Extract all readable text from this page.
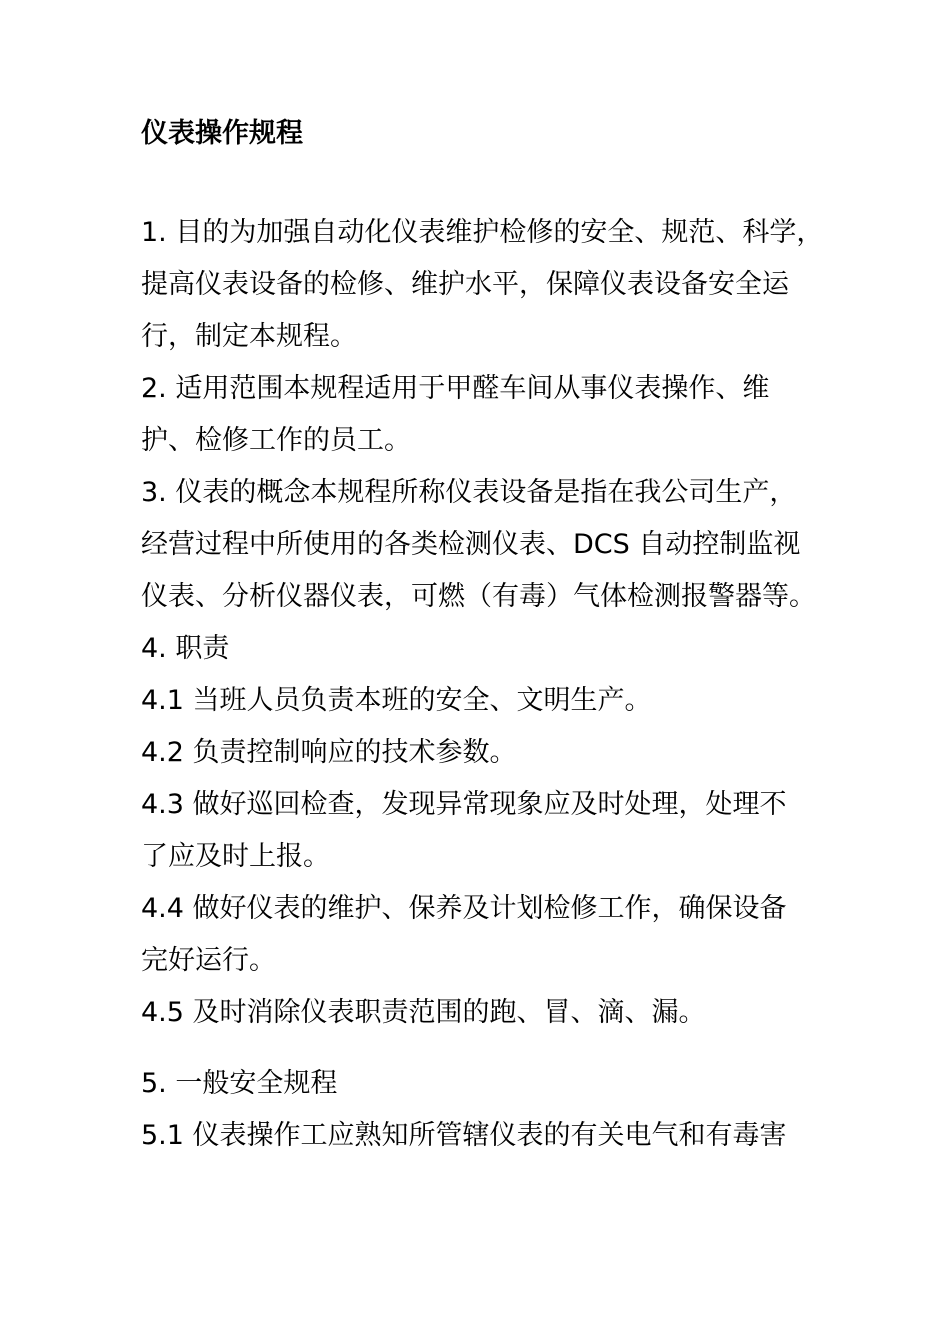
仪表操作规程
1. 目的为加强自动化仪表维护检修的安全、规范、科学，
提高仪表设备的检修、维护水平，保障仪表设备安全运
行，制定本规程。
2. 适用范围本规程适用于甲醛车间从事仪表操作、维
护、检修工作的员工。
3. 仪表的概念本规程所称仪表设备是指在我公司生产，
经营过程中所使用的各类检测仪表、DCS 自动控制监视
仪表、分析仪器仪表，可燃（有毒）气体检测报警器等。
4. 职责
4.1 当班人员负责本班的安全、文明生产。
4.2 负责控制响应的技术参数。
4.3 做好巡回检查，发现异常现象应及时处理，处理不
了应及时上报。
4.4 做好仪表的维护、保养及计划检修工作，确保设备
完好运行。
4.5 及时消除仪表职责范围的跑、冒、滴、漏。
5. 一般安全规程
5.1 仪表操作工应熟知所管辖仪表的有关电气和有毒害
